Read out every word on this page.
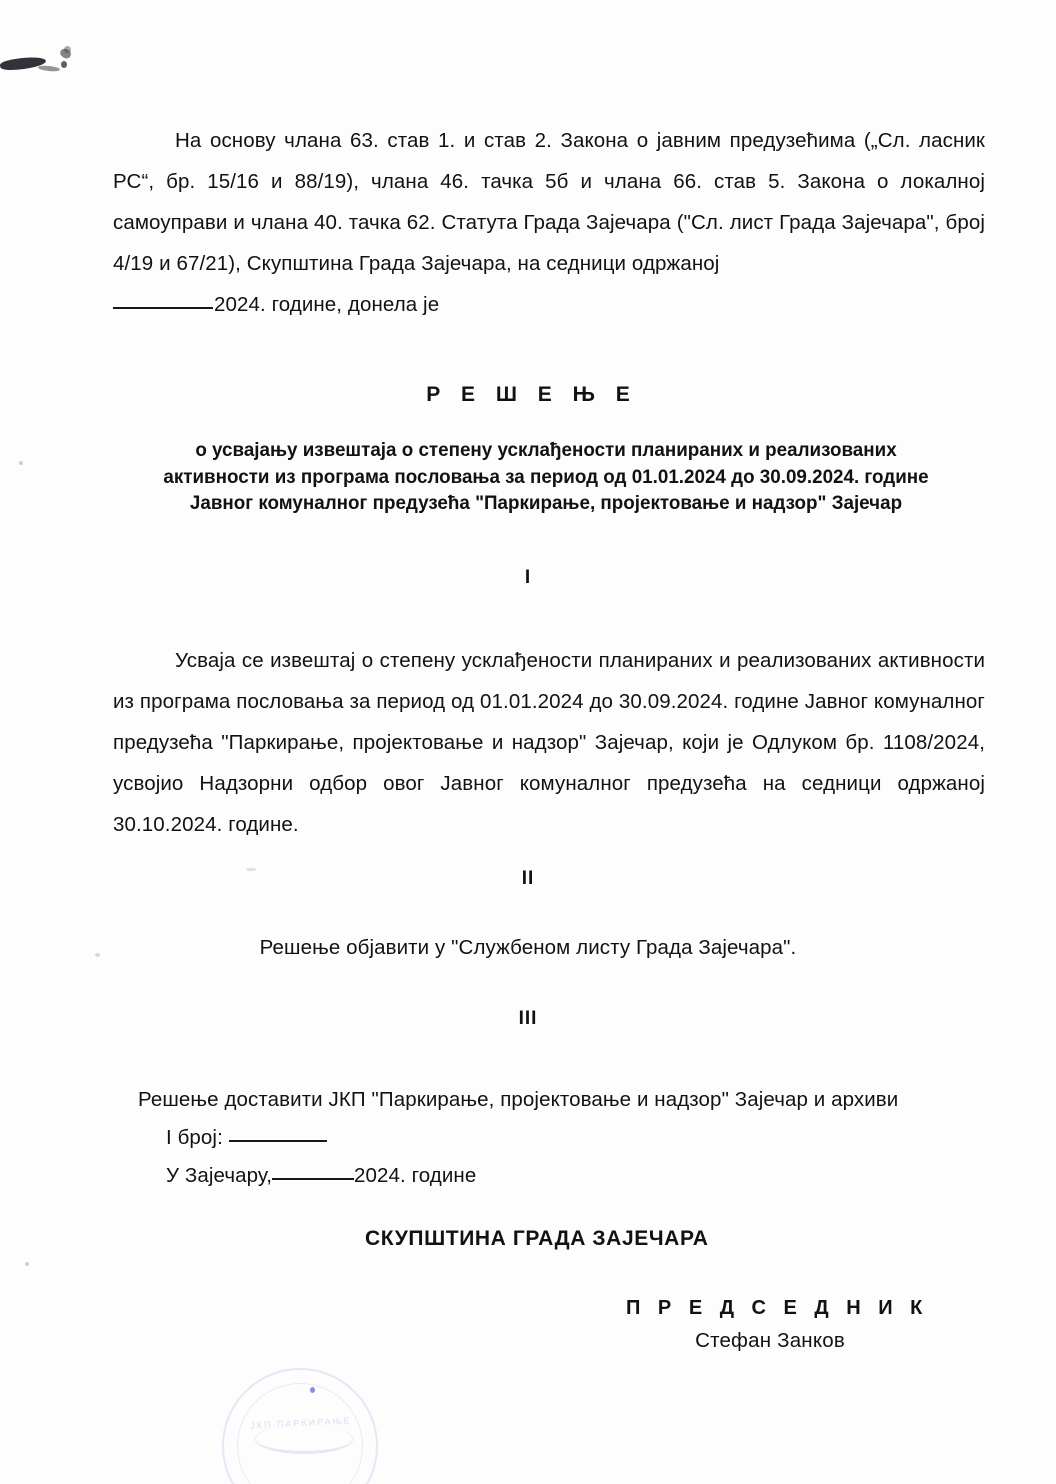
ЈКП ПАРКИРАЊЕ
На основу члана 63. став 1. и став 2. Закона о јавним предузећима („Сл. ласник РС“, бр. 15/16 и 88/19), члана 46. тачка 5б и члана 66. став 5. Закона о локалној самоуправи и члана 40. тачка 62. Статута Града Зајечара ("Сл. лист Града Зајечара", број 4/19 и 67/21), Скупштина Града Зајечара, на седници одржаној
2024. године, донела је
Р Е Ш Е Њ Е
о усвајању извештаја о степену усклађености планираних и реализованих активности из програма пословања за период од 01.01.2024 до 30.09.2024. године Јавног комуналног предузећа "Паркирање, пројектовање и надзор" Зајечар
I
Усваја се извештај о степену усклађености планираних и реализованих активности из програма пословања за период од 01.01.2024 до 30.09.2024. године Јавног комуналног предузећа "Паркирање, пројектовање и надзор" Зајечар, који је Одлуком бр. 1108/2024, усвојио Надзорни одбор овог Јавног комуналног предузећа на седници одржаној 30.10.2024. године.
II
Решење објавити у "Службеном листу Града Зајечара".
III
Решење доставити ЈКП "Паркирање, пројектовање и надзор" Зајечар и архиви
I број:
У Зајечару,	2024. године
СКУПШТИНА ГРАДА ЗАЈЕЧАРА
П Р Е Д С Е Д Н И К
Стефан Занков
